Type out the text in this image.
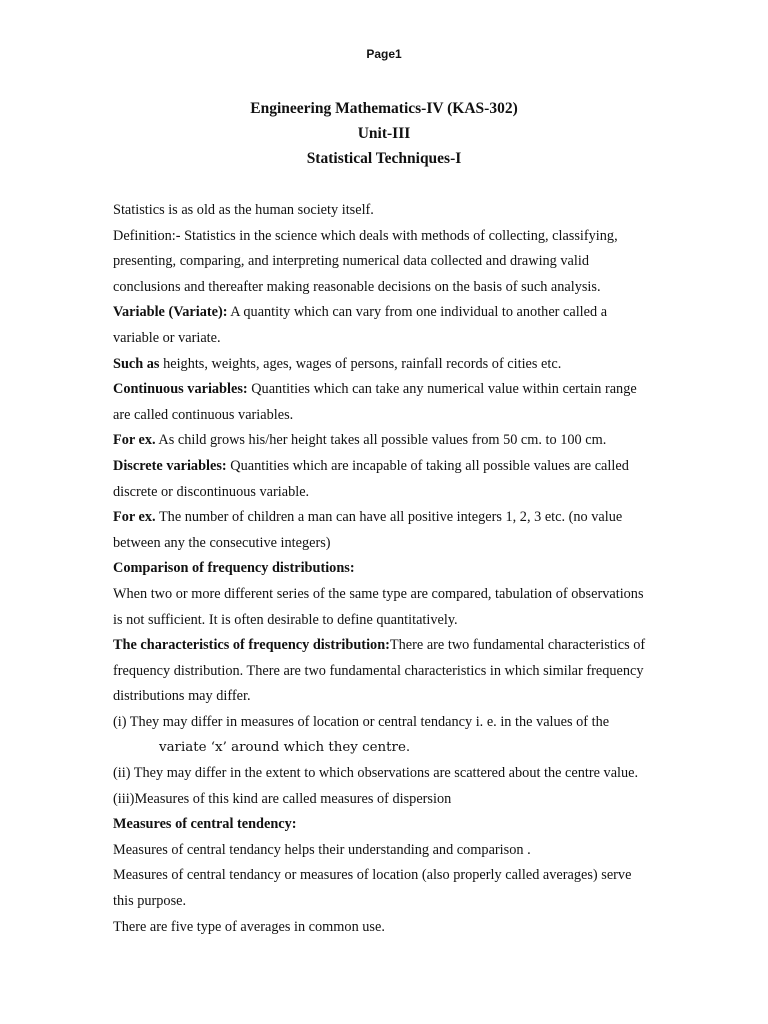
Page1
Engineering Mathematics-IV (KAS-302)
Unit-III
Statistical Techniques-I

Statistics is as old as the human society itself.

Definition:- Statistics in the science which deals with methods of collecting, classifying,

presenting, comparing, and interpreting numerical data collected and drawing valid

conclusions and thereafter making reasonable decisions on the basis of such analysis.

Variable (Variate): A quantity which can vary from one individual to another called a

variable or variate.

Such as heights, weights, ages, wages of persons, rainfall records of cities etc.

Continuous variables: Quantities which can take any numerical value within certain range

are called continuous variables.

For ex. As child grows his/her height takes all possible values from 50 cm. to 100 cm.

Discrete variables: Quantities which are incapable of taking all possible values are called

discrete or discontinuous variable.

For ex. The number of children a man can have all positive integers 1, 2, 3 etc. (no value

between any the consecutive integers)

Comparison of frequency distributions:

When two or more different series of the same type are compared, tabulation of observations

is not sufficient. It is often desirable to define quantitatively.

The characteristics of frequency distribution:There are two fundamental characteristics of

frequency distribution. There are two fundamental characteristics in which similar frequency

distributions may differ.

(i) They may differ in measures of location or central tendancy i. e. in the values of the

variate ‘x’ around which they centre.

(ii) They may differ in the extent to which observations are scattered about the centre value.

(iii)Measures of this kind are called measures of dispersion

Measures of central tendency:

Measures of central tendancy helps their understanding and comparison .

Measures of central tendancy or measures of location (also properly called averages) serve

this purpose.

There are five type of averages in common use.
